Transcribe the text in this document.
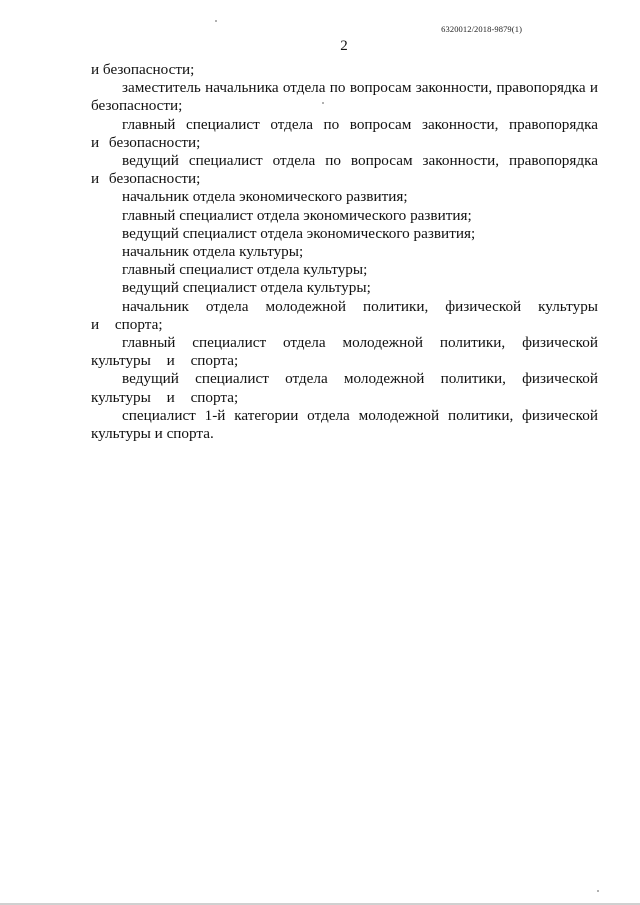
6320012/2018-9879(1)
2

и безопасности;

заместитель начальника отдела по вопросам законности, правопорядка и безопасности;

главный специалист отдела по вопросам законности, правопорядка и безопасности;

ведущий специалист отдела по вопросам законности, правопорядка и безопасности;

начальник отдела экономического развития;

главный специалист отдела экономического развития;

ведущий специалист отдела экономического развития;

начальник отдела культуры;

главный специалист отдела культуры;

ведущий специалист отдела культуры;

начальник отдела молодежной политики, физической культуры и спорта;

главный специалист отдела молодежной политики, физической культуры и спорта;

ведущий специалист отдела молодежной политики, физической культуры и спорта;

специалист 1-й категории отдела молодежной политики, физической культуры и спорта.
